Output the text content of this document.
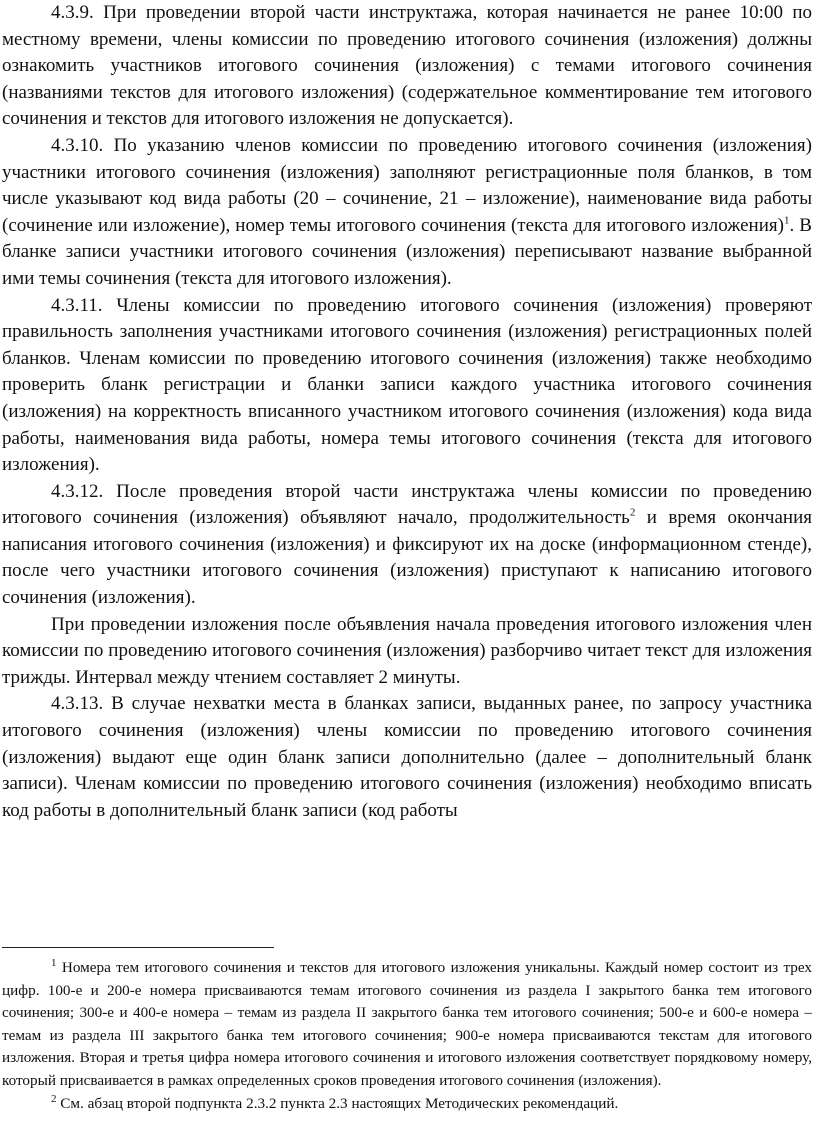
4.3.9. При проведении второй части инструктажа, которая начинается не ранее 10:00 по местному времени, члены комиссии по проведению итогового сочинения (изложения) должны ознакомить участников итогового сочинения (изложения) с темами итогового сочинения (названиями текстов для итогового изложения) (содержательное комментирование тем итогового сочинения и текстов для итогового изложения не допускается).

4.3.10. По указанию членов комиссии по проведению итогового сочинения (изложения) участники итогового сочинения (изложения) заполняют регистрационные поля бланков, в том числе указывают код вида работы (20 – сочинение, 21 – изложение), наименование вида работы (сочинение или изложение), номер темы итогового сочинения (текста для итогового изложения)$^1$. В бланке записи участники итогового сочинения (изложения) переписывают название выбранной ими темы сочинения (текста для итогового изложения).

4.3.11. Члены комиссии по проведению итогового сочинения (изложения) проверяют правильность заполнения участниками итогового сочинения (изложения) регистрационных полей бланков. Членам комиссии по проведению итогового сочинения (изложения) также необходимо проверить бланк регистрации и бланки записи каждого участника итогового сочинения (изложения) на корректность вписанного участником итогового сочинения (изложения) кода вида работы, наименования вида работы, номера темы итогового сочинения (текста для итогового изложения).

4.3.12. После проведения второй части инструктажа члены комиссии по проведению итогового сочинения (изложения) объявляют начало, продолжительность$^2$ и время окончания написания итогового сочинения (изложения) и фиксируют их на доске (информационном стенде), после чего участники итогового сочинения (изложения) приступают к написанию итогового сочинения (изложения).

При проведении изложения после объявления начала проведения итогового изложения член комиссии по проведению итогового сочинения (изложения) разборчиво читает текст для изложения трижды. Интервал между чтением составляет 2 минуты.

4.3.13. В случае нехватки места в бланках записи, выданных ранее, по запросу участника итогового сочинения (изложения) члены комиссии по проведению итогового сочинения (изложения) выдают еще один бланк записи дополнительно (далее – дополнительный бланк записи). Членам комиссии по проведению итогового сочинения (изложения) необходимо вписать код работы в дополнительный бланк записи (код работы

$^1$ Номера тем итогового сочинения и текстов для итогового изложения уникальны. Каждый номер состоит из трех цифр. 100-е и 200-е номера присваиваются темам итогового сочинения из раздела I закрытого банка тем итогового сочинения; 300-е и 400-е номера – темам из раздела II закрытого банка тем итогового сочинения; 500-е и 600-е номера – темам из раздела III закрытого банка тем итогового сочинения; 900-е номера присваиваются текстам для итогового изложения. Вторая и третья цифра номера итогового сочинения и итогового изложения соответствует порядковому номеру, который присваивается в рамках определенных сроков проведения итогового сочинения (изложения).

$^2$ См. абзац второй подпункта 2.3.2 пункта 2.3 настоящих Методических рекомендаций.
